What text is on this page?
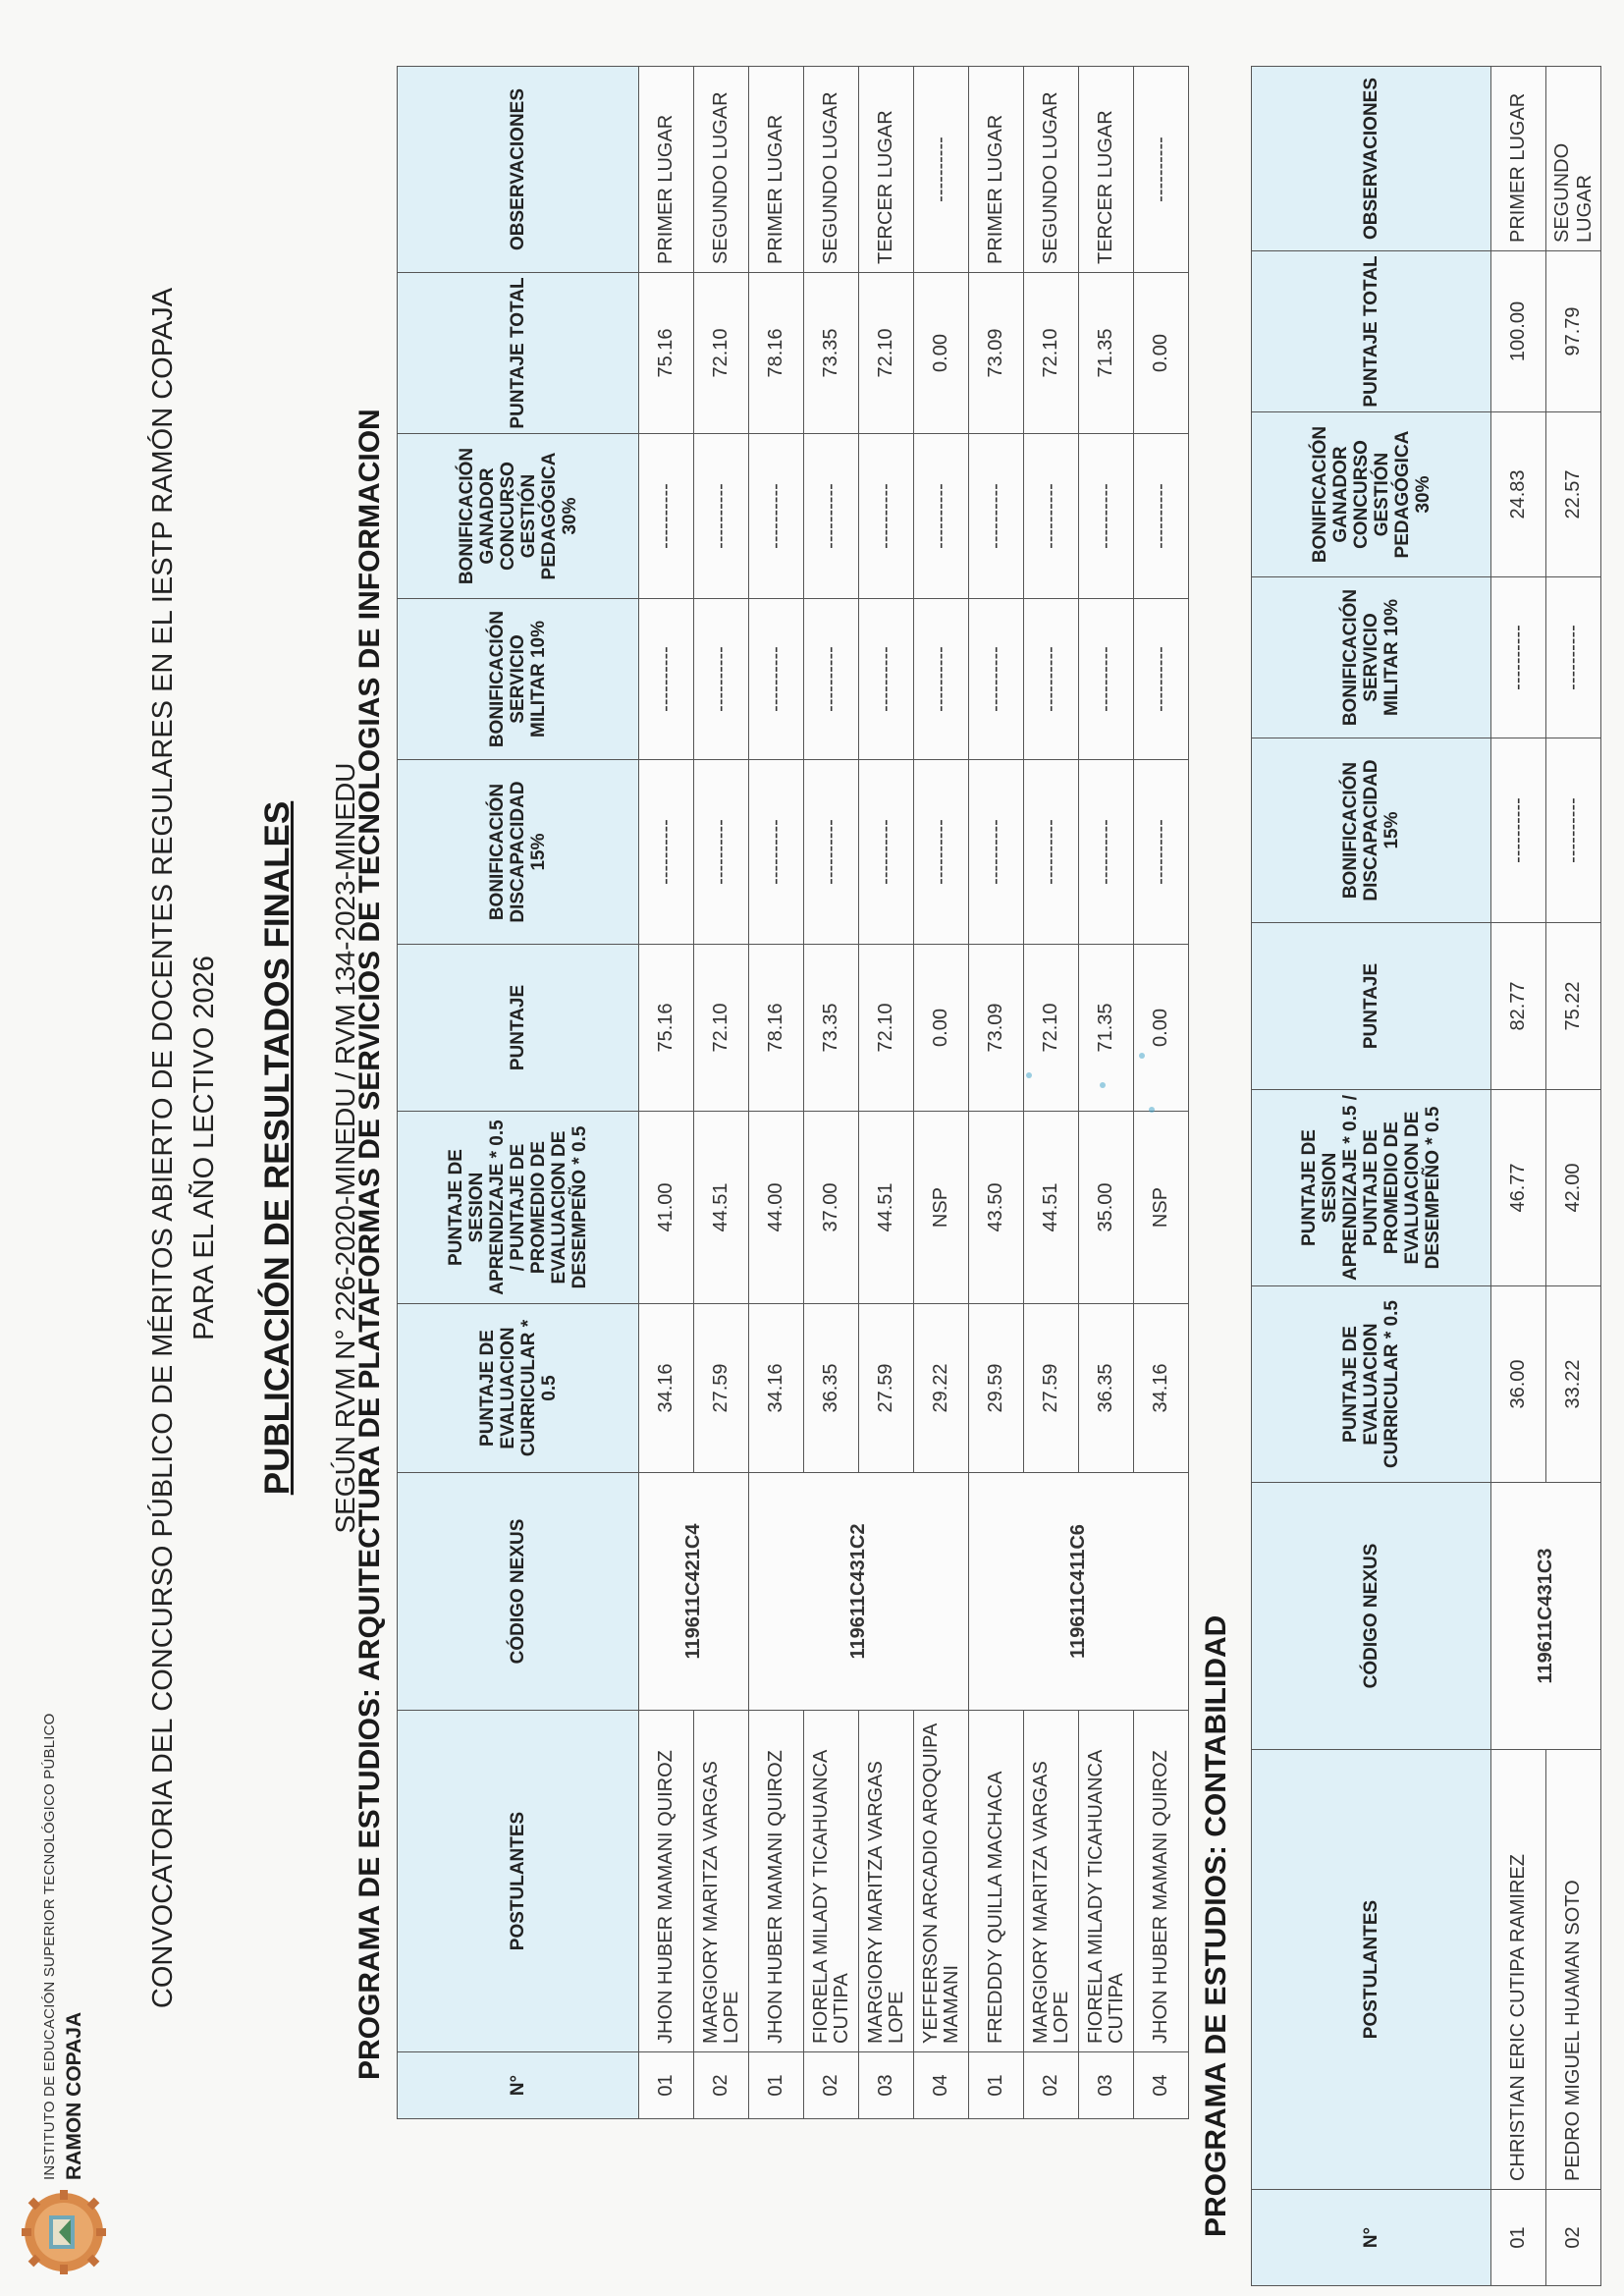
INSTITUTO DE EDUCACIÓN SUPERIOR TECNOLÓGICO PÚBLICO RAMON COPAJA
CONVOCATORIA DEL CONCURSO PÚBLICO DE MÉRITOS ABIERTO DE DOCENTES REGULARES EN EL IESTP RAMÓN COPAJA PARA EL AÑO LECTIVO 2026 PUBLICACIÓN DE RESULTADOS FINALES SEGÚN RVM N° 226-2020-MINEDU / RVM 134-2023-MINEDU
PROGRAMA DE ESTUDIOS: ARQUITECTURA DE PLATAFORMAS DE SERVICIOS DE TECNOLOGIAS DE INFORMACION
N°	POSTULANTES	CÓDIGO NEXUS	PUNTAJE DE EVALUACION CURRICULAR * 0.5	PUNTAJE DE SESION APRENDIZAJE * 0.5 / PUNTAJE DE PROMEDIO DE EVALUACION DE DESEMPEÑO * 0.5	PUNTAJE	BONIFICACIÓN DISCAPACIDAD 15%	BONIFICACIÓN SERVICIO MILITAR 10%	BONIFICACIÓN GANADOR CONCURSO GESTIÓN PEDAGÓGICA 30%	PUNTAJE TOTAL	OBSERVACIONES
01	JHON HUBER MAMANI QUIROZ	119611C421C4	34.16	41.00	75.16	----------	----------	----------	75.16	PRIMER LUGAR
02	MARGIORY MARITZA VARGAS LOPE		27.59	44.51	72.10	----------	----------	----------	72.10	SEGUNDO LUGAR
01	JHON HUBER MAMANI QUIROZ	119611C431C2	34.16	44.00	78.16	----------	----------	----------	78.16	PRIMER LUGAR
02	FIORELA MILADY TICAHUANCA CUTIPA		36.35	37.00	73.35	----------	----------	----------	73.35	SEGUNDO LUGAR
03	MARGIORY MARITZA VARGAS LOPE		27.59	44.51	72.10	----------	----------	----------	72.10	TERCER LUGAR
04	YEFFERSON ARCADIO AROQUIPA MAMANI		29.22	NSP	0.00	----------	----------	----------	0.00	----------
01	FREDDDY QUILLA MACHACA	119611C411C6	29.59	43.50	73.09	----------	----------	----------	73.09	PRIMER LUGAR
02	MARGIORY MARITZA VARGAS LOPE		27.59	44.51	72.10	----------	----------	----------	72.10	SEGUNDO LUGAR
03	FIORELA MILADY TICAHUANCA CUTIPA		36.35	35.00	71.35	----------	----------	----------	71.35	TERCER LUGAR
04	JHON HUBER MAMANI QUIROZ		34.16	NSP	0.00	----------	----------	----------	0.00	----------
PROGRAMA DE ESTUDIOS: CONTABILIDAD
N°	POSTULANTES	CÓDIGO NEXUS	PUNTAJE DE EVALUACION CURRICULAR * 0.5	PUNTAJE DE SESION APRENDIZAJE * 0.5 / PUNTAJE DE PROMEDIO DE EVALUACION DE DESEMPEÑO * 0.5	PUNTAJE	BONIFICACIÓN DISCAPACIDAD 15%	BONIFICACIÓN SERVICIO MILITAR 10%	BONIFICACIÓN GANADOR CONCURSO GESTIÓN PEDAGÓGICA 30%	PUNTAJE TOTAL	OBSERVACIONES
01	CHRISTIAN ERIC CUTIPA RAMIREZ	119611C431C3	36.00	46.77	82.77	----------	----------	24.83	100.00	PRIMER LUGAR
02	PEDRO MIGUEL HUAMAN SOTO		33.22	42.00	75.22	----------	----------	22.57	97.79	SEGUNDO LUGAR
